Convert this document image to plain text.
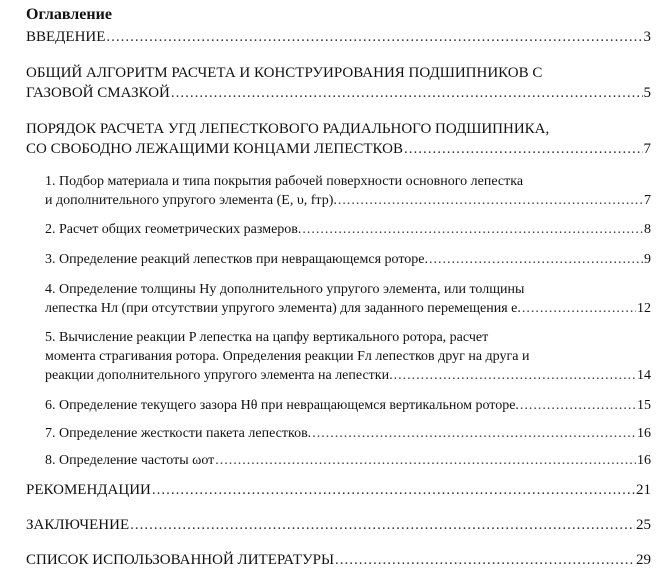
Оглавление
ВВЕДЕНИЕ .....	3
ОБЩИЙ АЛГОРИТМ РАСЧЕТА И КОНСТРУИРОВАНИЯ ПОДШИПНИКОВ С
ГАЗОВОЙ СМАЗКОЙ .....	5
ПОРЯДОК РАСЧЕТА УГД ЛЕПЕСТКОВОГО РАДИАЛЬНОГО ПОДШИПНИКА,
СО СВОБОДНО ЛЕЖАЩИМИ КОНЦАМИ ЛЕПЕСТКОВ .....	7
1. Подбор материала и типа покрытия рабочей поверхности основного лепестка
и дополнительного упругого элемента (E, υ, fтр). .....	7
2. Расчет общих геометрических размеров. .....	8
3. Определение реакций лепестков при невращающемся роторе. .....	9
4. Определение толщины Hу дополнительного упругого элемента, или толщины
лепестка Hл (при отсутствии упругого элемента) для заданного перемещения e. .....	12
5. Вычисление реакции P лепестка на цапфу вертикального ротора, расчет
момента страгивания ротора. Определения реакции Fл лепестков друг на друга и
реакции дополнительного упругого элемента на лепестки. .....	14
6. Определение текущего зазора Hθ при невращающемся вертикальном роторе. .....	15
7. Определение жесткости пакета лепестков. .....	16
8. Определение частоты ωот .....	16
РЕКОМЕНДАЦИИ .....	21
ЗАКЛЮЧЕНИЕ .....	25
СПИСОК ИСПОЛЬЗОВАННОЙ ЛИТЕРАТУРЫ .....	29
